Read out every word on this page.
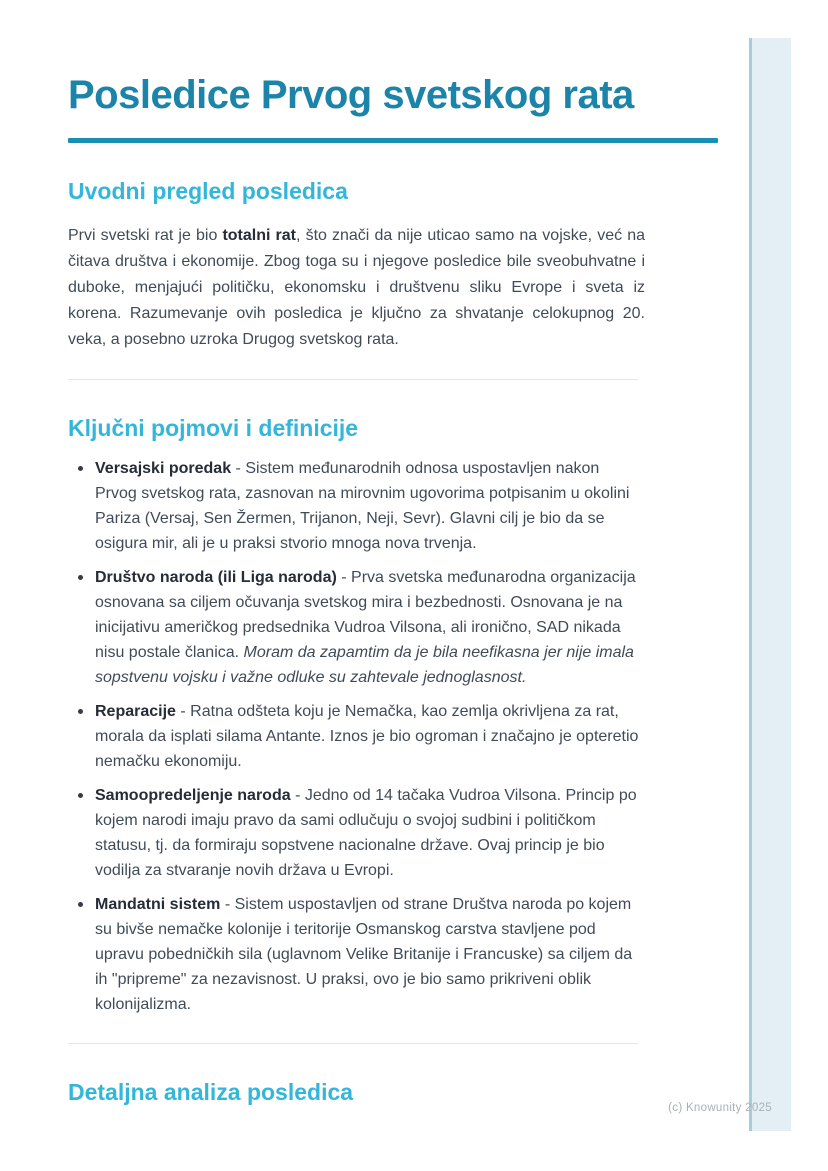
(c) Knowunity 2025
Posledice Prvog svetskog rata
Uvodni pregled posledica

Prvi svetski rat je bio totalni rat, što znači da nije uticao samo na vojske, već na čitava društva i ekonomije. Zbog toga su i njegove posledice bile sveobuhvatne i duboke, menjajući političku, ekonomsku i društvenu sliku Evrope i sveta iz korena. Razumevanje ovih posledica je ključno za shvatanje celokupnog 20. veka, a posebno uzroka Drugog svetskog rata.

Ključni pojmovi i definicije
Versajski poredak - Sistem međunarodnih odnosa uspostavljen nakon Prvog svetskog rata, zasnovan na mirovnim ugovorima potpisanim u okolini Pariza (Versaj, Sen Žermen, Trijanon, Neji, Sevr). Glavni cilj je bio da se osigura mir, ali je u praksi stvorio mnoga nova trvenja.
Društvo naroda (ili Liga naroda) - Prva svetska međunarodna organizacija osnovana sa ciljem očuvanja svetskog mira i bezbednosti. Osnovana je na inicijativu američkog predsednika Vudroa Vilsona, ali ironično, SAD nikada nisu postale članica. Moram da zapamtim da je bila neefikasna jer nije imala sopstvenu vojsku i važne odluke su zahtevale jednoglasnost.
Reparacije - Ratna odšteta koju je Nemačka, kao zemlja okrivljena za rat, morala da isplati silama Antante. Iznos je bio ogroman i značajno je opteretio nemačku ekonomiju.
Samoopredeljenje naroda - Jedno od 14 tačaka Vudroa Vilsona. Princip po kojem narodi imaju pravo da sami odlučuju o svojoj sudbini i političkom statusu, tj. da formiraju sopstvene nacionalne države. Ovaj princip je bio vodilja za stvaranje novih država u Evropi.
Mandatni sistem - Sistem uspostavljen od strane Društva naroda po kojem su bivše nemačke kolonije i teritorije Osmanskog carstva stavljene pod upravu pobedničkih sila (uglavnom Velike Britanije i Francuske) sa ciljem da ih "pripreme" za nezavisnost. U praksi, ovo je bio samo prikriveni oblik kolonijalizma.
Detaljna analiza posledica
